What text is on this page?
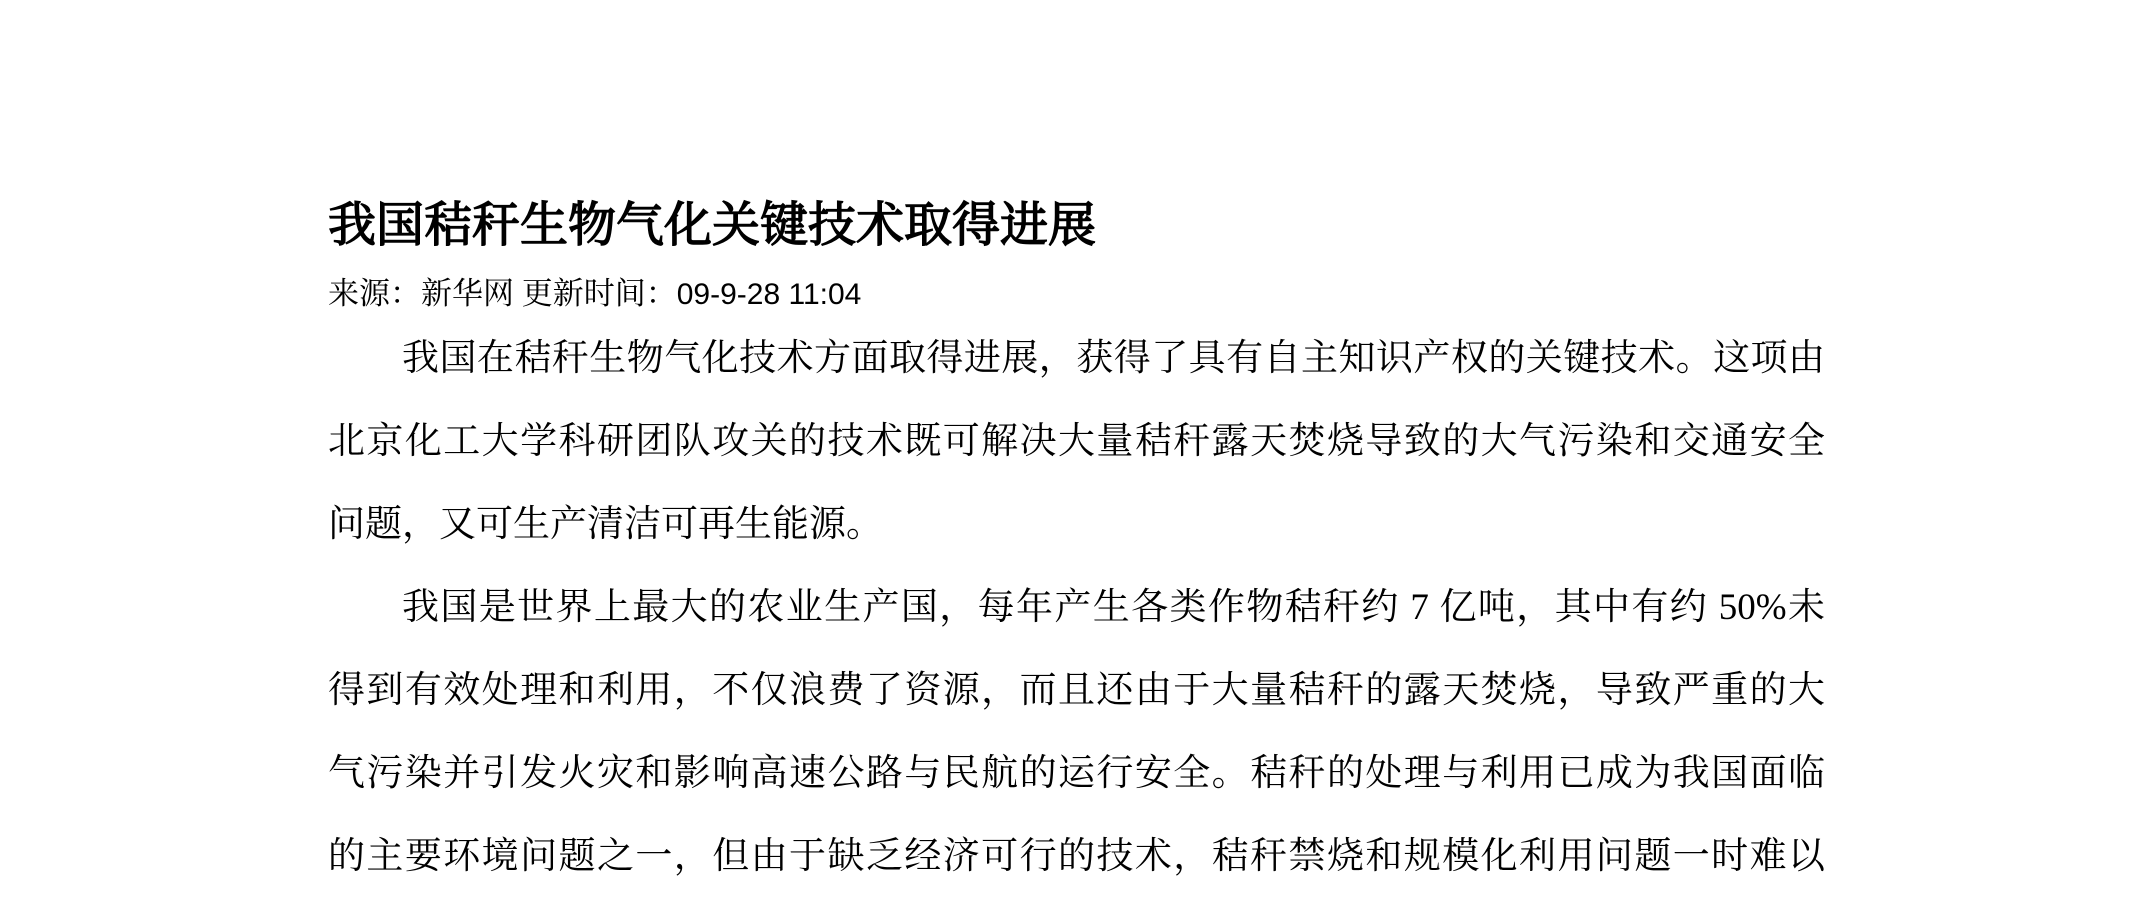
我国秸秆生物气化关键技术取得进展
来源：新华网 更新时间：09-9-28 11:04
我国在秸秆生物气化技术方面取得进展，获得了具有自主知识产权的关键技术。这项由
北京化工大学科研团队攻关的技术既可解决大量秸秆露天焚烧导致的大气污染和交通安全
问题，又可生产清洁可再生能源。
我国是世界上最大的农业生产国，每年产生各类作物秸秆约 7 亿吨，其中有约 50%未
得到有效处理和利用，不仅浪费了资源，而且还由于大量秸秆的露天焚烧，导致严重的大
气污染并引发火灾和影响高速公路与民航的运行安全。秸秆的处理与利用已成为我国面临
的主要环境问题之一，但由于缺乏经济可行的技术，秸秆禁烧和规模化利用问题一时难以
